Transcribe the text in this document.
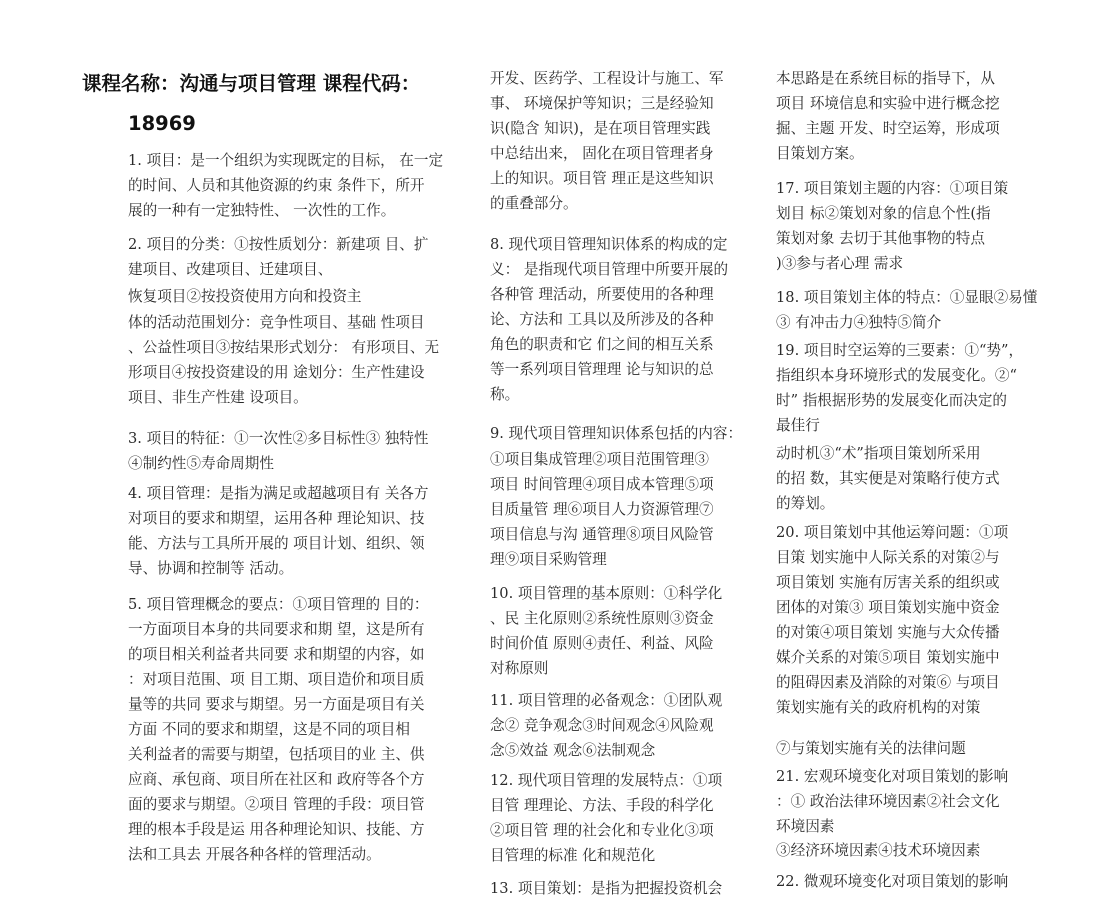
课程名称：沟通与项目管理 课程代码：
18969
1. 项目：是一个组织为实现既定的目标， 在一定
的时间、人员和其他资源的约束 条件下，所开
展的一种有一定独特性、 一次性的工作。
2. 项目的分类：①按性质划分：新建项 目、扩
建项目、改建项目、迁建项目、
恢复项目②按投资使用方向和投资主
体的活动范围划分：竞争性项目、基础 性项目
、公益性项目③按结果形式划分： 有形项目、无
形项目④按投资建设的用 途划分：生产性建设
项目、非生产性建 设项目。
3. 项目的特征：①一次性②多目标性③ 独特性
④制约性⑤寿命周期性
4. 项目管理：是指为满足或超越项目有 关各方
对项目的要求和期望，运用各种 理论知识、技
能、方法与工具所开展的 项目计划、组织、领
导、协调和控制等 活动。
5. 项目管理概念的要点：①项目管理的 目的：
一方面项目本身的共同要求和期 望，这是所有
的项目相关利益者共同要 求和期望的内容，如
：对项目范围、项 目工期、项目造价和项目质
量等的共同 要求与期望。另一方面是项目有关
方面 不同的要求和期望，这是不同的项目相
关利益者的需要与期望，包括项目的业 主、供
应商、承包商、项目所在社区和 政府等各个方
面的要求与期望。②项目 管理的手段：项目管
理的根本手段是运 用各种理论知识、技能、方
法和工具去 开展各种各样的管理活动。
开发、医药学、工程设计与施工、军
事、 环境保护等知识；三是经验知
识(隐含 知识)，是在项目管理实践
中总结出来， 固化在项目管理者身
上的知识。项目管 理正是这些知识
的重叠部分。
8. 现代项目管理知识体系的构成的定
义： 是指现代项目管理中所要开展的
各种管 理活动，所要使用的各种理
论、方法和 工具以及所涉及的各种
角色的职责和它 们之间的相互关系
等一系列项目管理理 论与知识的总
称。
9. 现代项目管理知识体系包括的内容：
①项目集成管理②项目范围管理③
项目 时间管理④项目成本管理⑤项
目质量管 理⑥项目人力资源管理⑦
项目信息与沟 通管理⑧项目风险管
理⑨项目采购管理
10. 项目管理的基本原则：①科学化
、民 主化原则②系统性原则③资金
时间价值 原则④责任、利益、风险
对称原则
11. 项目管理的必备观念：①团队观
念② 竞争观念③时间观念④风险观
念⑤效益 观念⑥法制观念
12. 现代项目管理的发展特点：①项
目管 理理论、方法、手段的科学化
②项目管 理的社会化和专业化③项
目管理的标准 化和规范化
13. 项目策划：是指为把握投资机会
本思路是在系统目标的指导下，从
项目 环境信息和实验中进行概念挖
掘、主题 开发、时空运筹，形成项
目策划方案。
17. 项目策划主题的内容：①项目策
划目 标②策划对象的信息个性(指
策划对象 去切于其他事物的特点
)③参与者心理 需求
18. 项目策划主体的特点：①显眼②易懂
③ 有冲击力④独特⑤简介
19. 项目时空运筹的三要素：①“势”，
指组织本身环境形式的发展变化。②“
时” 指根据形势的发展变化而决定的
最佳行
动时机③“术”指项目策划所采用
的招 数，其实便是对策略行使方式
的筹划。
20. 项目策划中其他运筹问题：①项
目策 划实施中人际关系的对策②与
项目策划 实施有厉害关系的组织或
团体的对策③ 项目策划实施中资金
的对策④项目策划 实施与大众传播
媒介关系的对策⑤项目 策划实施中
的阻碍因素及消除的对策⑥ 与项目
策划实施有关的政府机构的对策
⑦与策划实施有关的法律问题
21. 宏观环境变化对项目策划的影响
：① 政治法律环境因素②社会文化
环境因素
③经济环境因素④技术环境因素
22. 微观环境变化对项目策划的影响
